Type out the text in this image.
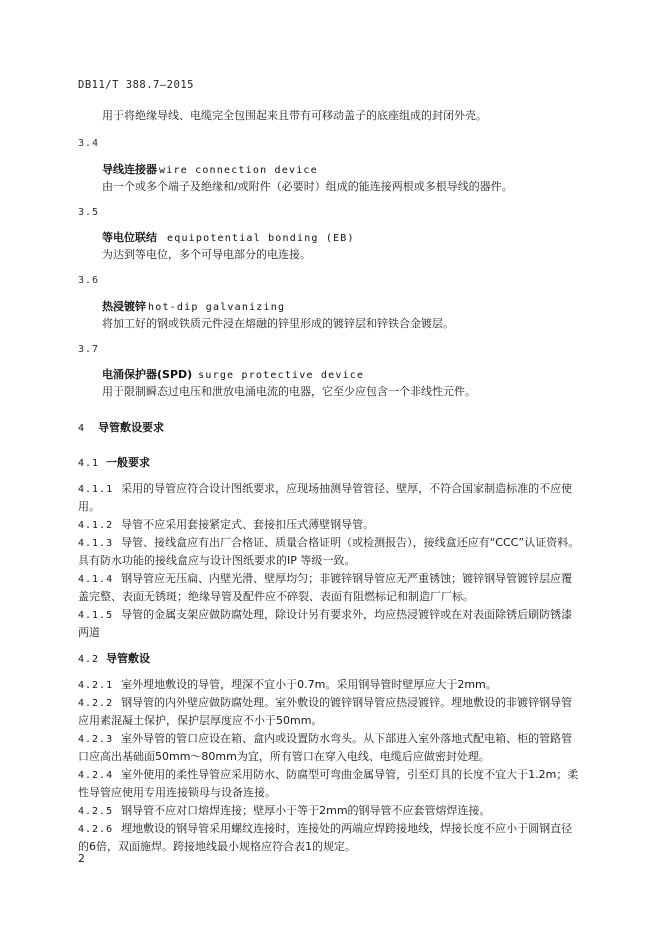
DB11/T 388.7—2015
用于将绝缘导线、电缆完全包围起来且带有可移动盖子的底座组成的封闭外壳。
3.4
导线连接器 wire connection device
由一个或多个端子及绝缘和/或附件（必要时）组成的能连接两根或多根导线的器件。
3.5
等电位联结 equipotential bonding (EB)
为达到等电位，多个可导电部分的电连接。
3.6
热浸镀锌 hot-dip galvanizing
将加工好的钢或铁质元件浸在熔融的锌里形成的镀锌层和锌铁合金镀层。
3.7
电涌保护器(SPD) surge protective device
用于限制瞬态过电压和泄放电涌电流的电器，它至少应包含一个非线性元件。
4 导管敷设要求
4.1 一般要求
4.1.1 采用的导管应符合设计图纸要求，应现场抽测导管管径、壁厚，不符合国家制造标准的不应使
用。
4.1.2 导管不应采用套接紧定式、套接扣压式薄壁钢导管。
4.1.3 导管、接线盒应有出厂合格证、质量合格证明（或检测报告），接线盒还应有“CCC”认证资料。
具有防水功能的接线盒应与设计图纸要求的IP 等级一致。
4.1.4 钢导管应无压扁、内壁光滑、壁厚均匀；非镀锌钢导管应无严重锈蚀；镀锌钢导管镀锌层应覆
盖完整、表面无锈斑；绝缘导管及配件应不碎裂、表面有阻燃标记和制造厂厂标。
4.1.5 导管的金属支架应做防腐处理，除设计另有要求外，均应热浸镀锌或在对表面除锈后刷防锈漆
两道
4.2 导管敷设
4.2.1 室外埋地敷设的导管，埋深不宜小于0.7m。采用钢导管时壁厚应大于2mm。
4.2.2 钢导管的内外壁应做防腐处理。室外敷设的镀锌钢导管应热浸镀锌。埋地敷设的非镀锌钢导管
应用素混凝土保护，保护层厚度应不小于50mm。
4.2.3 室外导管的管口应设在箱、盒内或设置防水弯头。从下部进入室外落地式配电箱、柜的管路管
口应高出基础面50mm～80mm为宜，所有管口在穿入电线、电缆后应做密封处理。
4.2.4 室外使用的柔性导管应采用防水、防腐型可弯曲金属导管，引至灯具的长度不宜大于1.2m；柔
性导管应使用专用连接锁母与设备连接。
4.2.5 钢导管不应对口熔焊连接；壁厚小于等于2mm的钢导管不应套管熔焊连接。
4.2.6 埋地敷设的钢导管采用螺纹连接时，连接处的两端应焊跨接地线，焊接长度不应小于圆钢直径
的6倍，双面施焊。跨接地线最小规格应符合表1的规定。
2
